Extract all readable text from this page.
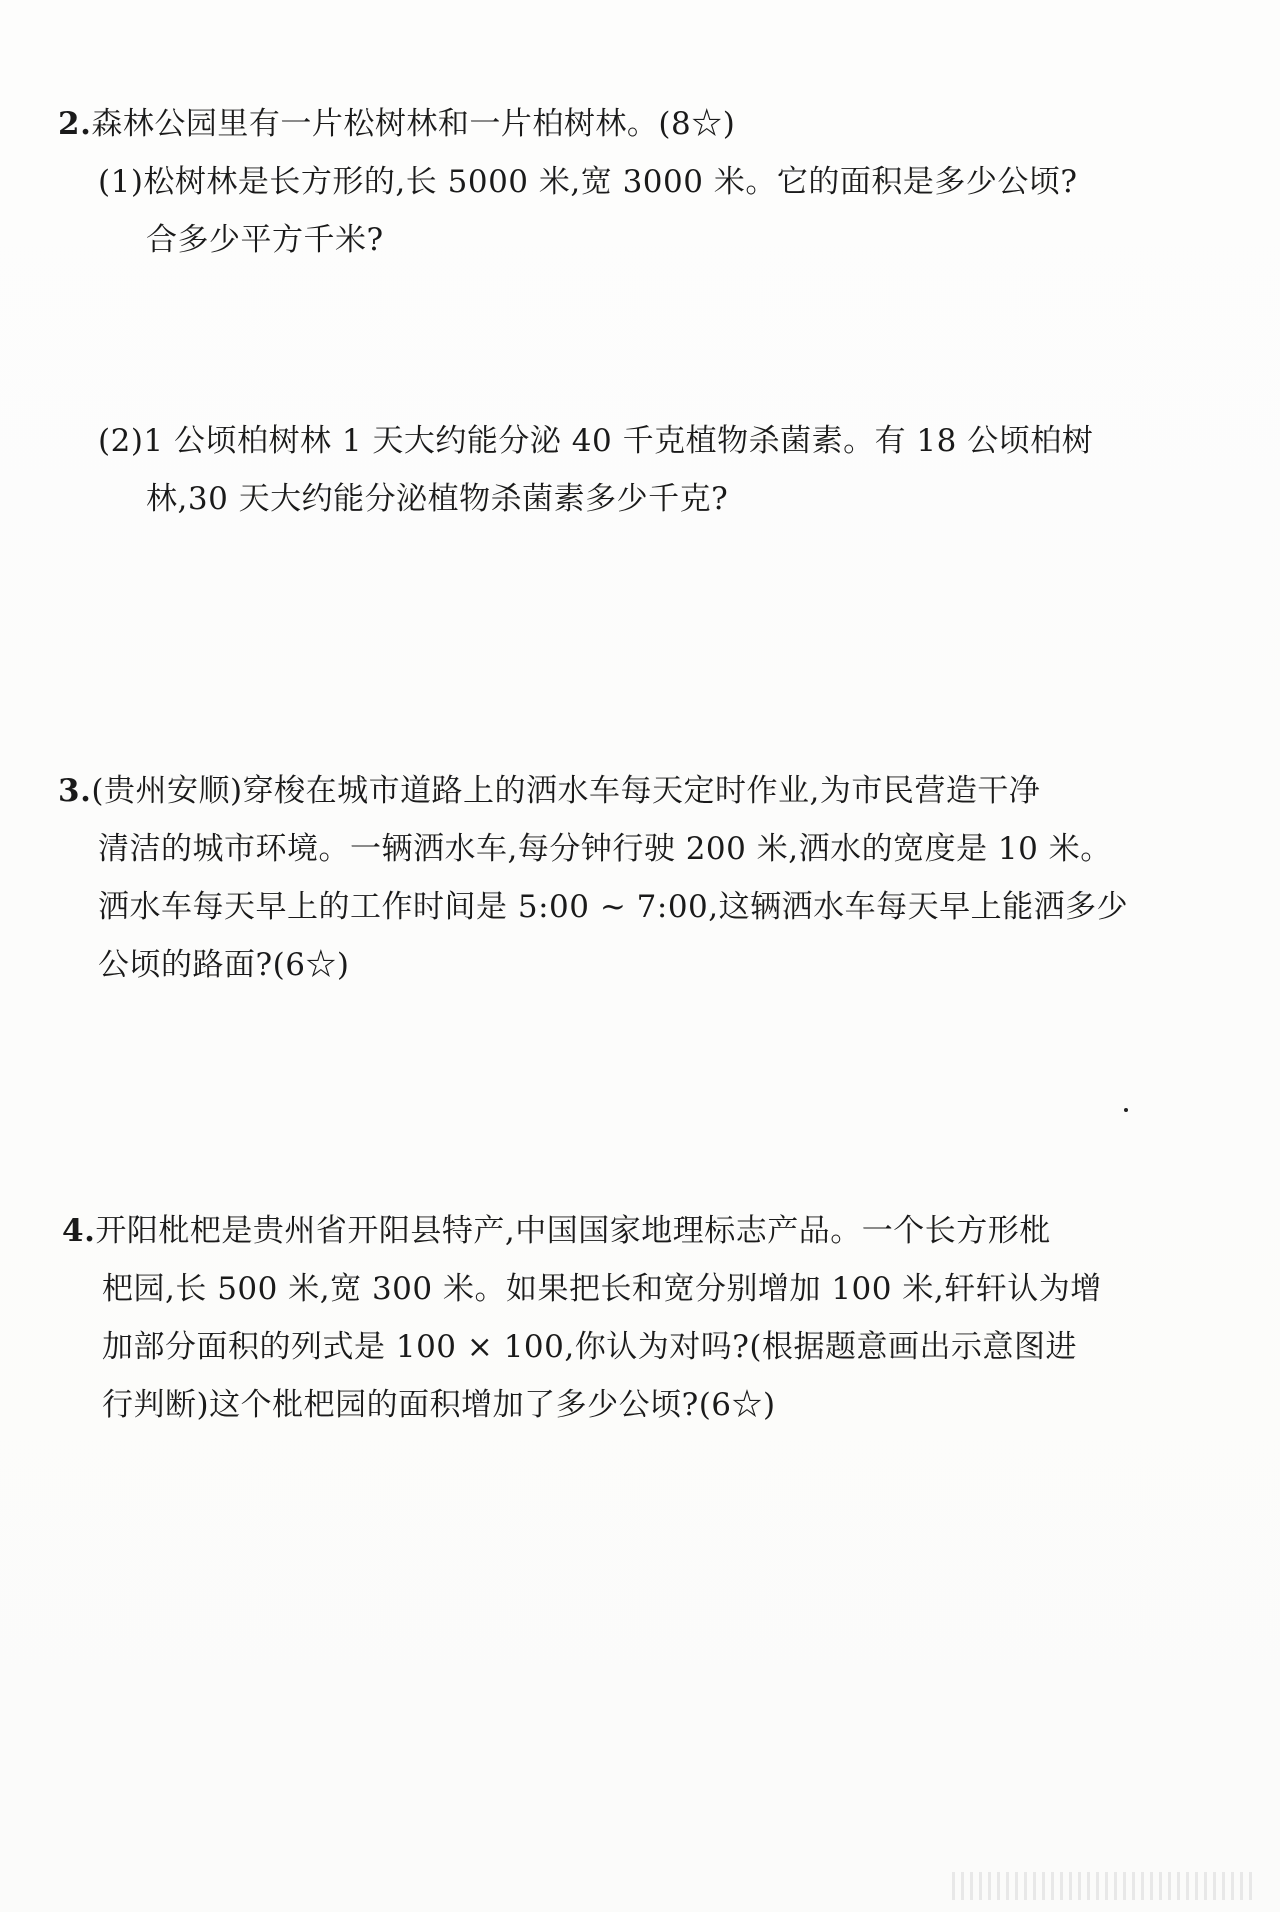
2.森林公园里有一片松树林和一片柏树林。(8☆)
(1)松树林是长方形的,长 5000 米,宽 3000 米。它的面积是多少公顷?
合多少平方千米?
(2)1 公顷柏树林 1 天大约能分泌 40 千克植物杀菌素。有 18 公顷柏树
林,30 天大约能分泌植物杀菌素多少千克?
3.(贵州安顺)穿梭在城市道路上的洒水车每天定时作业,为市民营造干净
清洁的城市环境。一辆洒水车,每分钟行驶 200 米,洒水的宽度是 10 米。
洒水车每天早上的工作时间是 5:00 ~ 7:00,这辆洒水车每天早上能洒多少
公顷的路面?(6☆)
4.开阳枇杷是贵州省开阳县特产,中国国家地理标志产品。一个长方形枇
杷园,长 500 米,宽 300 米。如果把长和宽分别增加 100 米,轩轩认为增
加部分面积的列式是 100 × 100,你认为对吗?(根据题意画出示意图进
行判断)这个枇杷园的面积增加了多少公顷?(6☆)
